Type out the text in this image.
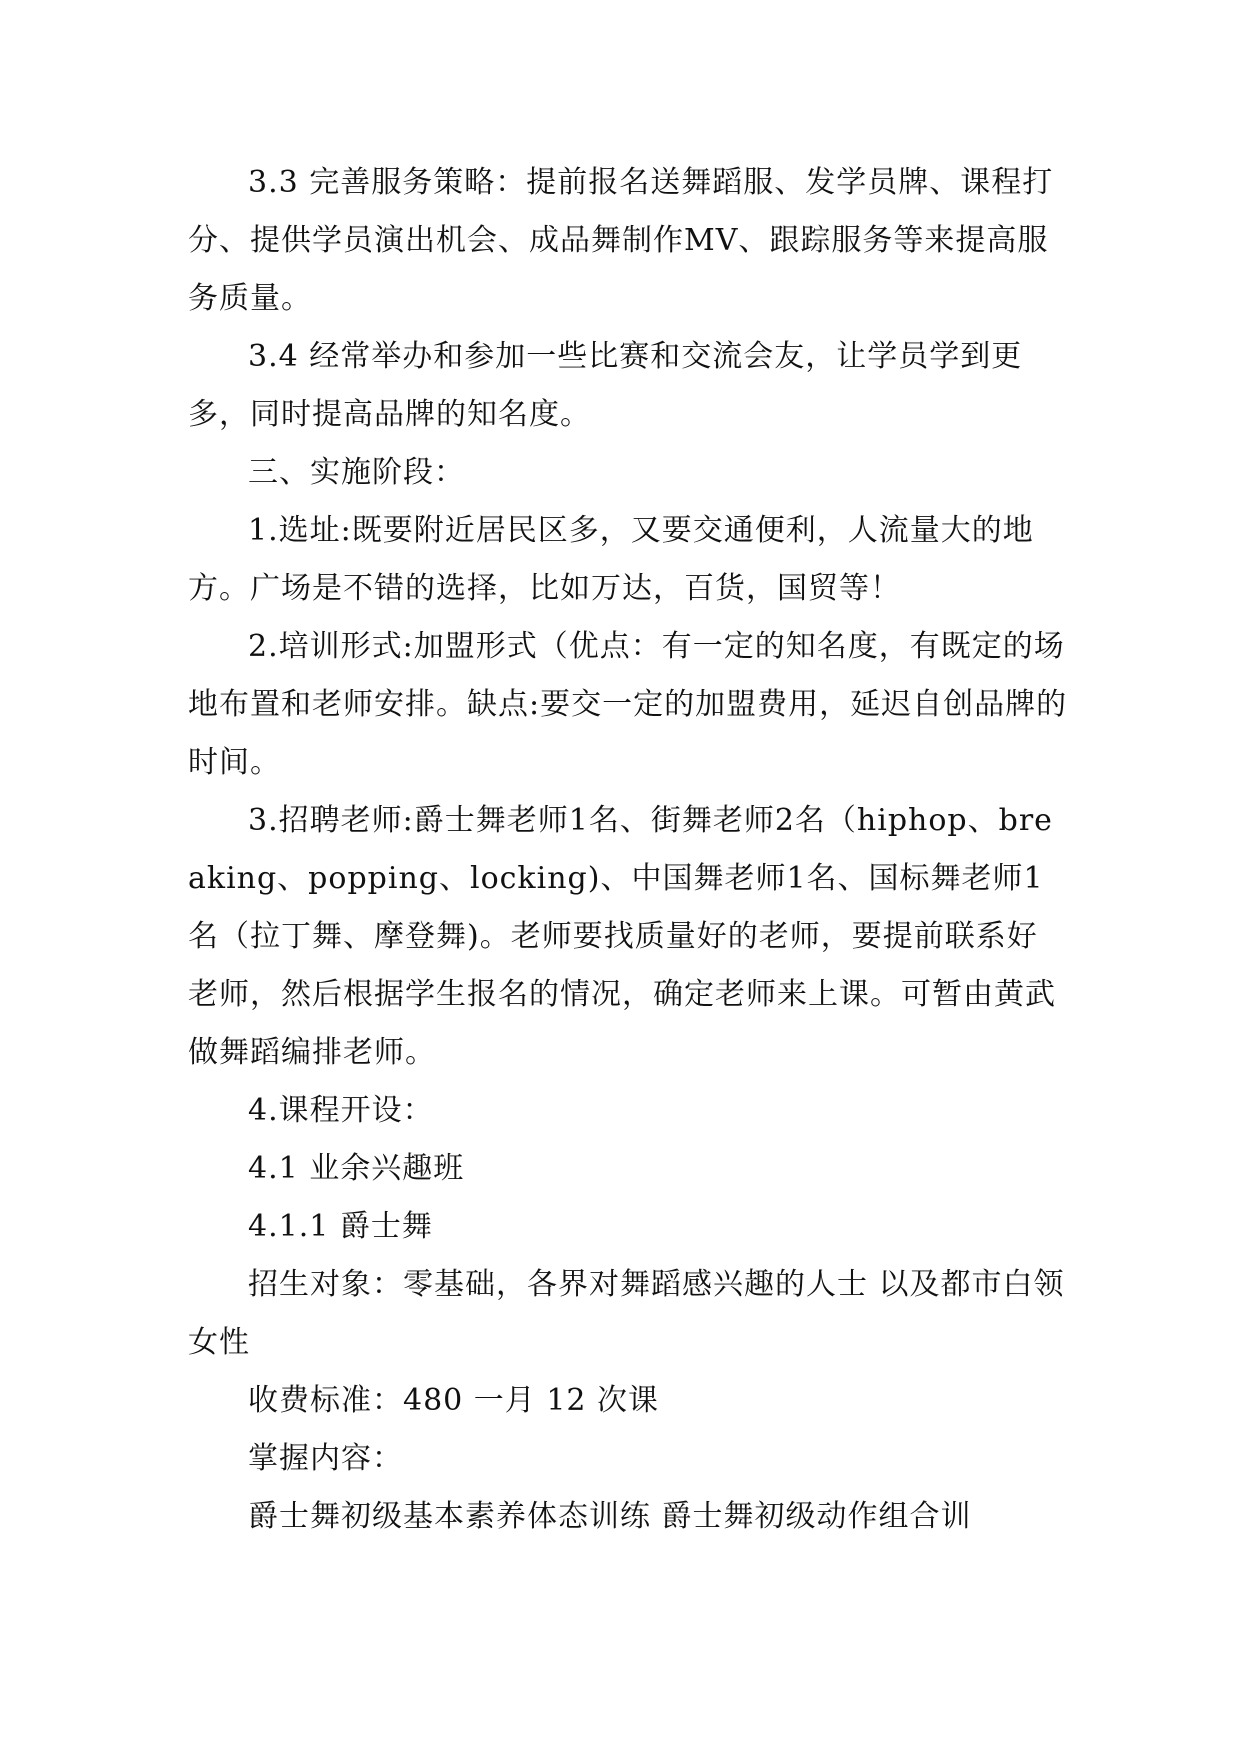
3.3 完善服务策略：提前报名送舞蹈服、发学员牌、课程打分、提供学员演出机会、成品舞制作MV、跟踪服务等来提高服务质量。

3.4 经常举办和参加一些比赛和交流会友，让学员学到更多，同时提高品牌的知名度。

三、实施阶段：

1.选址:既要附近居民区多，又要交通便利，人流量大的地方。广场是不错的选择，比如万达，百货，国贸等！

2.培训形式:加盟形式（优点：有一定的知名度，有既定的场地布置和老师安排。缺点:要交一定的加盟费用，延迟自创品牌的时间。

3.招聘老师:爵士舞老师1名、街舞老师2名（hiphop、breaking、popping、locking)、中国舞老师1名、国标舞老师1名（拉丁舞、摩登舞)。老师要找质量好的老师，要提前联系好老师，然后根据学生报名的情况，确定老师来上课。可暂由黄武做舞蹈编排老师。

4.课程开设：

4.1 业余兴趣班

4.1.1 爵士舞

招生对象：零基础，各界对舞蹈感兴趣的人士 以及都市白领女性

收费标准：480 一月 12 次课

掌握内容：

爵士舞初级基本素养体态训练 爵士舞初级动作组合训
